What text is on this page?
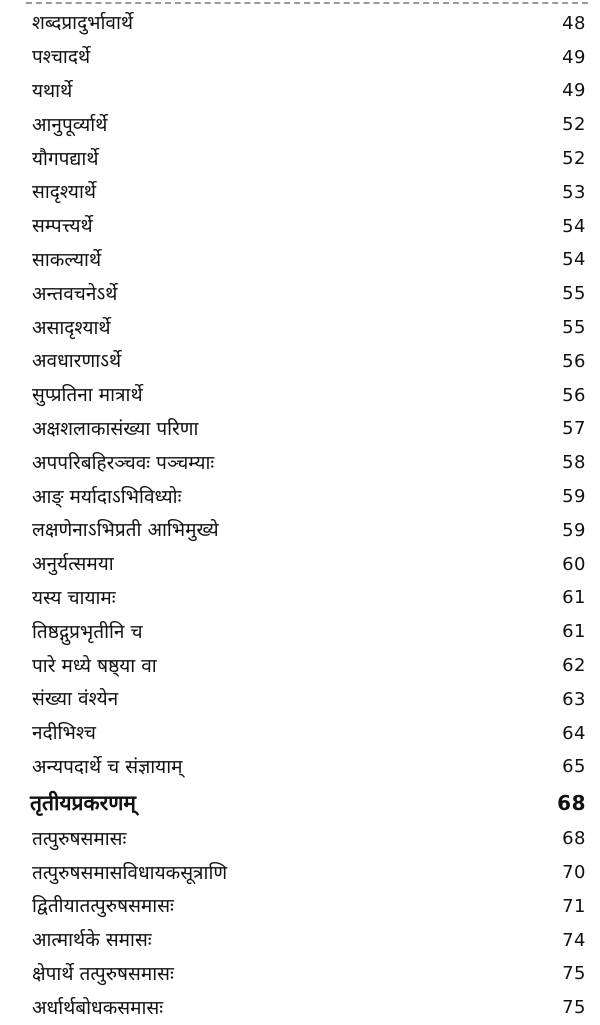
शब्दप्रादुर्भावार्थे	48
पश्चादर्थे	49
यथार्थे	49
आनुपूर्व्यार्थे	52
यौगपद्यार्थे	52
सादृश्यार्थे	53
सम्पत्त्यर्थे	54
साकल्यार्थे	54
अन्तवचनेऽर्थे	55
असादृश्यार्थे	55
अवधारणाऽर्थे	56
सुप्प्रतिना मात्रार्थे	56
अक्षशलाकासंख्या परिणा	57
अपपरिबहिरञ्चवः पञ्चम्याः	58
आङ् मर्यादाऽभिविध्योः	59
लक्षणेनाऽभिप्रती आभिमुख्ये	59
अनुर्यत्समया	60
यस्य चायामः	61
तिष्ठद्गुप्रभृतीनि च	61
पारे मध्ये षष्ठ्या वा	62
संख्या वंश्येन	63
नदीभिश्च	64
अन्यपदार्थे च संज्ञायाम्	65
तृतीयप्रकरणम्	68
तत्पुरुषसमासः	68
तत्पुरुषसमासविधायकसूत्राणि	70
द्वितीयातत्पुरुषसमासः	71
आत्मार्थके समासः	74
क्षेपार्थे तत्पुरुषसमासः	75
अर्धार्थबोधकसमासः	75
